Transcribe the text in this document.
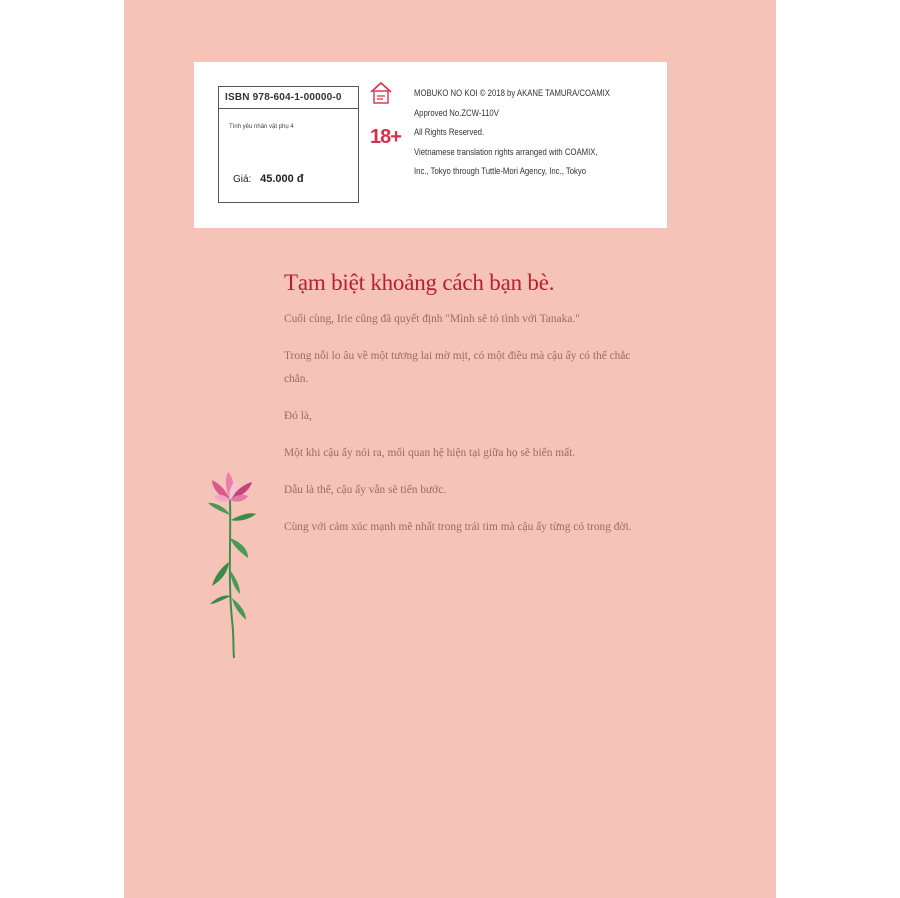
ISBN 978-604-1-00000-0
Tình yêu nhân vật phụ 4
Giá: 45.000 đ
18+
MOBUKO NO KOI © 2018 by AKANE TAMURA/COAMIX
Approved No.ZCW-110V
All Rights Reserved.
Vietnamese translation rights arranged with COAMIX,
Inc., Tokyo through Tuttle-Mori Agency, Inc., Tokyo
Tạm biệt khoảng cách bạn bè.

Cuối cùng, Irie cũng đã quyết định "Mình sẽ tỏ tình với Tanaka."

Trong nỗi lo âu về một tương lai mờ mịt, có một điều mà cậu ấy có thể chắc chắn.

Đó là,

Một khi cậu ấy nói ra, mối quan hệ hiện tại giữa họ sẽ biến mất.

Dẫu là thế, cậu ấy vẫn sẽ tiến bước.

Cùng với cảm xúc mạnh mẽ nhất trong trái tim mà cậu ấy từng có trong đời.
